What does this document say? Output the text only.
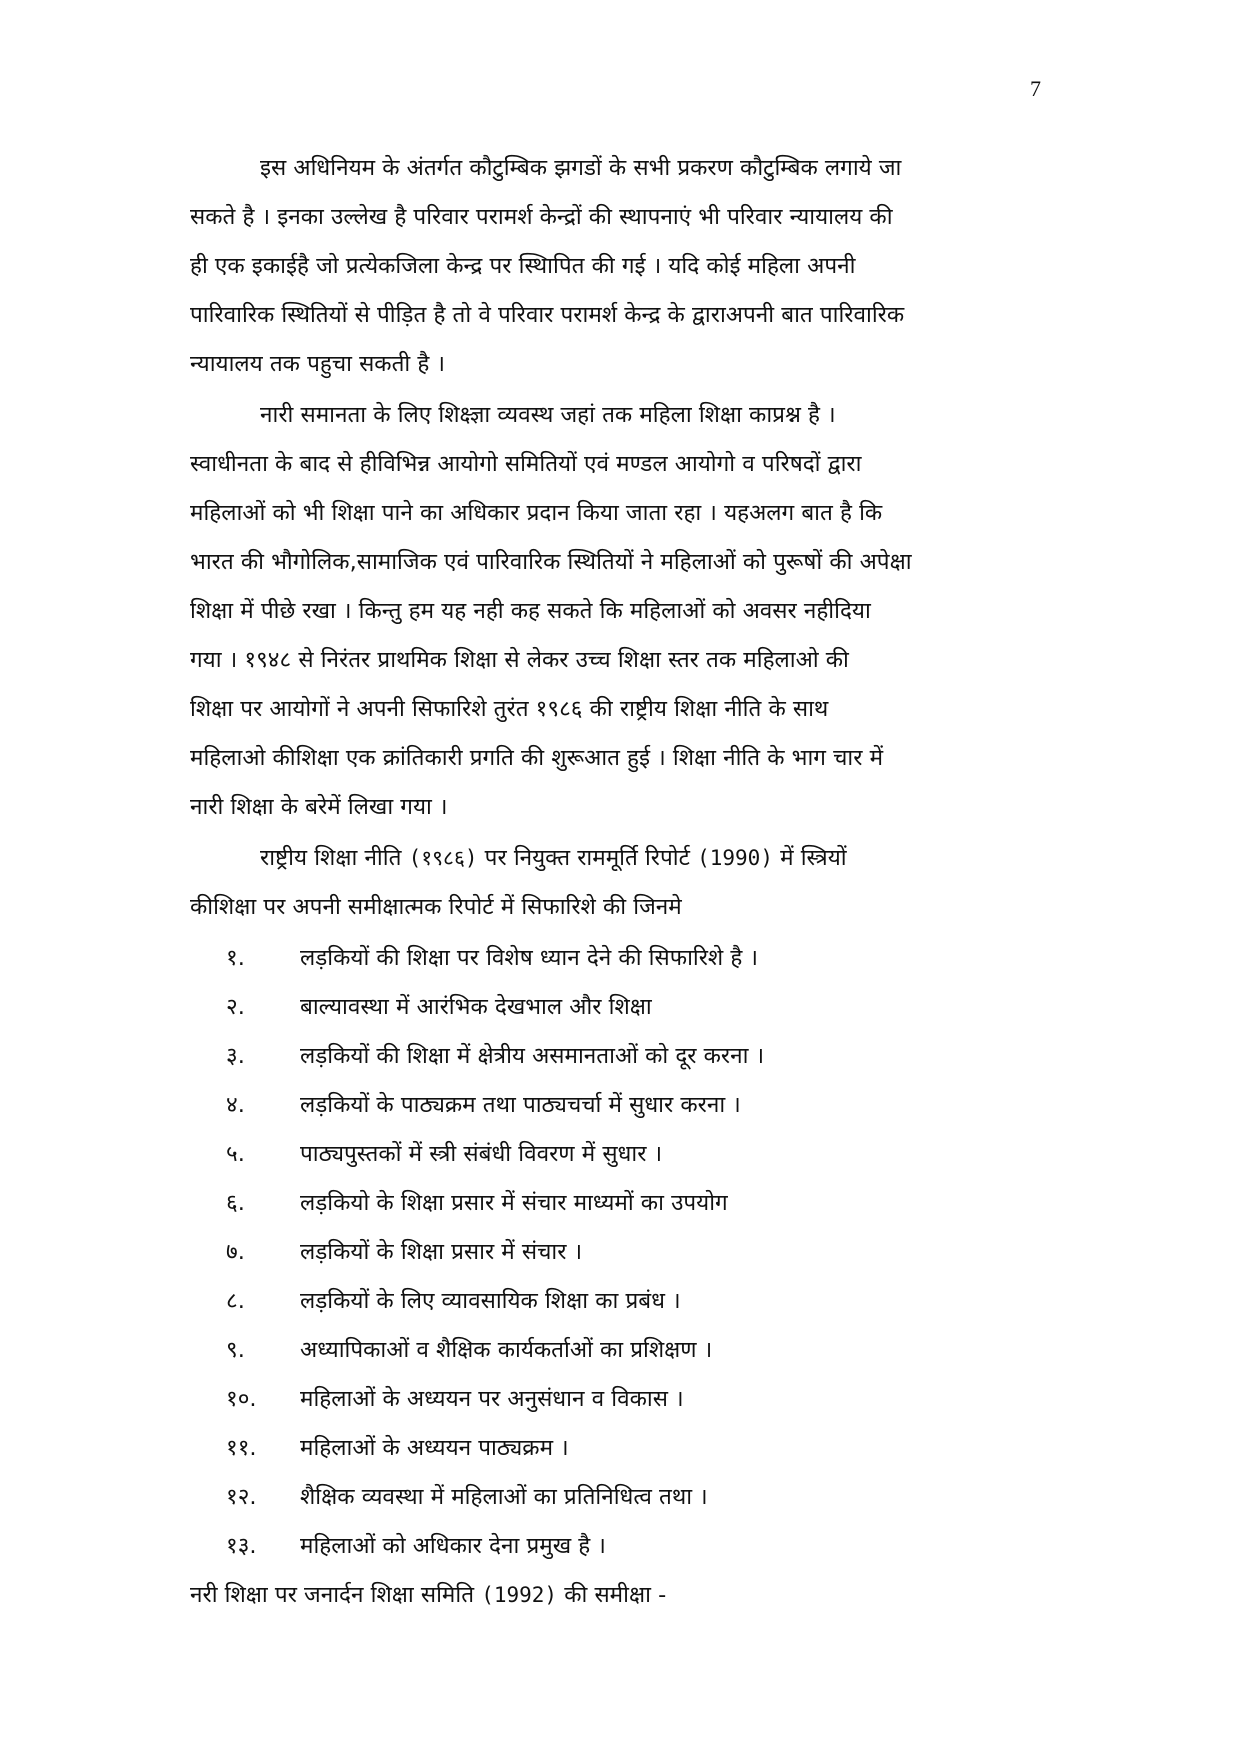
7

इस अधिनियम के अंतर्गत कौटुम्बिक झगडों के सभी प्रकरण कौटुम्बिक लगाये जा
सकते है । इनका उल्लेख है परिवार परामर्श केन्द्रों की स्थापनाएं भी परिवार न्यायालय की
ही एक इकाईहै जो प्रत्येकजिला केन्द्र पर स्थिापित की गई । यदि कोई महिला अपनी
पारिवारिक स्थितियों से पीड़ित है तो वे परिवार परामर्श केन्द्र के द्वाराअपनी बात पारिवारिक
न्यायालय तक पहुचा सकती है ।

नारी समानता के लिए शिक्ष्ज्ञा व्यवस्थ जहां तक महिला शिक्षा काप्रश्न है ।
स्वाधीनता के बाद से हीविभिन्न आयोगो समितियों एवं मण्डल आयोगो व परिषदों द्वारा
महिलाओं को भी शिक्षा पाने का अधिकार प्रदान किया जाता रहा । यहअलग बात है कि
भारत की भौगोलिक,सामाजिक एवं पारिवारिक स्थितियों ने महिलाओं को पुरूषों की अपेक्षा
शिक्षा में पीछे रखा । किन्तु हम यह नही कह सकते कि महिलाओं को अवसर नहीदिया
गया । १९४८ से निरंतर प्राथमिक शिक्षा से लेकर उच्च शिक्षा स्तर तक महिलाओ की
शिक्षा पर आयोगों ने अपनी सिफारिशे तुरंत १९८६ की राष्ट्रीय शिक्षा नीति के साथ
महिलाओ कीशिक्षा एक क्रांतिकारी प्रगति की शुरूआत हुई । शिक्षा नीति के भाग चार में
नारी शिक्षा के बरेमें लिखा गया ।

राष्ट्रीय शिक्षा नीति (१९८६) पर नियुक्त राममूर्ति रिपोर्ट (1990) में स्त्रियों
कीशिक्षा पर अपनी समीक्षात्मक रिपोर्ट में सिफारिशे की जिनमे

१.	लड़कियों की शिक्षा पर विशेष ध्यान देने की सिफारिशे है ।
२.	बाल्यावस्था में आरंभिक देखभाल और शिक्षा
३.	लड़कियों की शिक्षा में क्षेत्रीय असमानताओं को दूर करना ।
४.	लड़कियों के पाठ्यक्रम तथा पाठ्यचर्चा में सुधार करना ।
५.	पाठ्यपुस्तकों में स्त्री संबंधी विवरण में सुधार ।
६.	लड़कियो के शिक्षा प्रसार में संचार माध्यमों का उपयोग
७.	लड़कियों के शिक्षा प्रसार में संचार ।
८.	लड़कियों के लिए व्यावसायिक शिक्षा का प्रबंध ।
९.	अध्यापिकाओं व शैक्षिक कार्यकर्ताओं का प्रशिक्षण ।
१०.	महिलाओं के अध्ययन पर अनुसंधान व विकास ।
११.	महिलाओं के अध्ययन पाठ्यक्रम ।
१२.	शैक्षिक व्यवस्था में महिलाओं का प्रतिनिधित्व तथा ।
१३.	महिलाओं को अधिकार देना प्रमुख है ।

नरी शिक्षा पर जनार्दन शिक्षा समिति (1992) की समीक्षा -
